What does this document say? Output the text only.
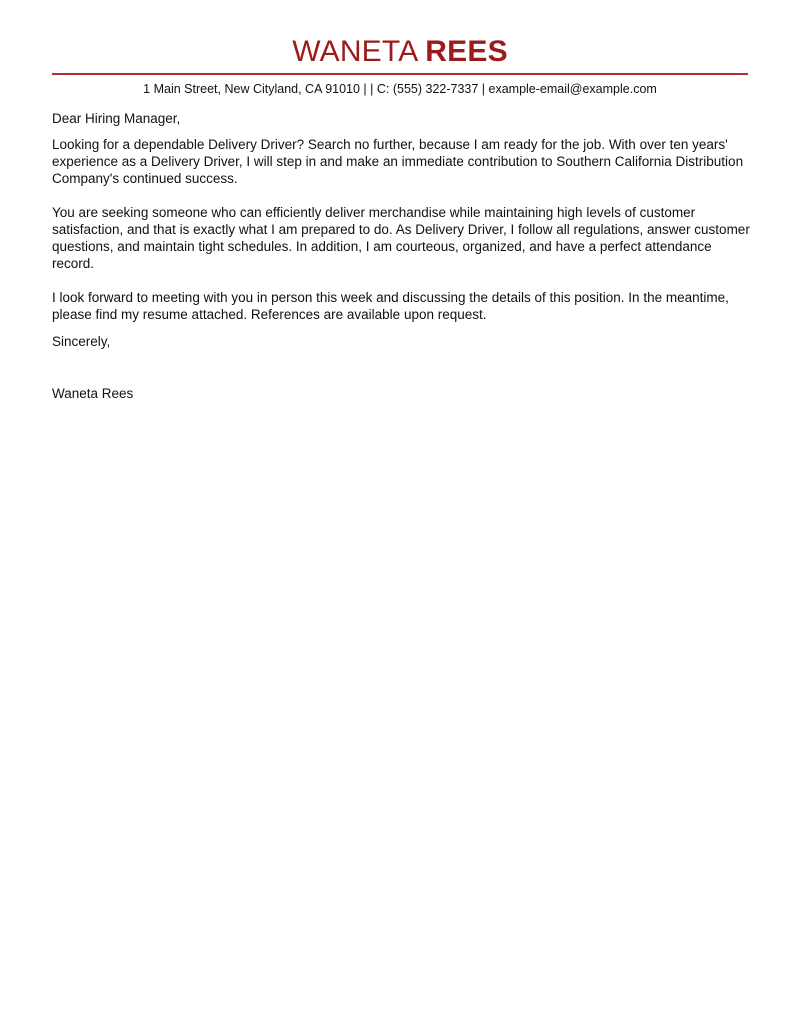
WANETA REES
1 Main Street, New Cityland, CA 91010 | | C: (555) 322-7337 | example-email@example.com

Dear Hiring Manager,

Looking for a dependable Delivery Driver? Search no further, because I am ready for the job. With over ten years' experience as a Delivery Driver, I will step in and make an immediate contribution to Southern California Distribution Company's continued success.

You are seeking someone who can efficiently deliver merchandise while maintaining high levels of customer satisfaction, and that is exactly what I am prepared to do. As Delivery Driver, I follow all regulations, answer customer questions, and maintain tight schedules. In addition, I am courteous, organized, and have a perfect attendance record.

I look forward to meeting with you in person this week and discussing the details of this position. In the meantime, please find my resume attached. References are available upon request.

Sincerely,

Waneta Rees
